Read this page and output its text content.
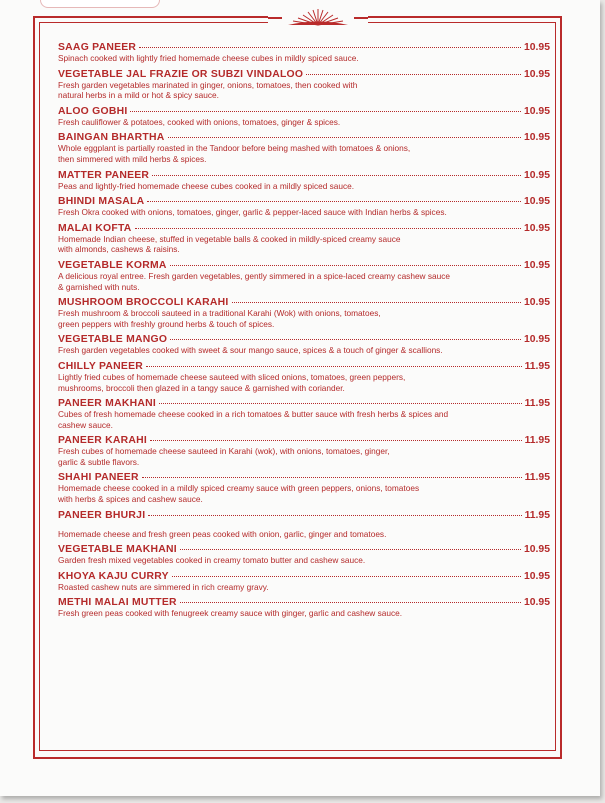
SAAG PANEER	10.95
Spinach cooked with lightly fried homemade cheese cubes in mildly spiced sauce.
VEGETABLE JAL FRAZIE OR SUBZI VINDALOO	10.95
Fresh garden vegetables marinated in ginger, onions, tomatoes, then cooked with
natural herbs in a mild or hot & spicy sauce.
ALOO GOBHI	10.95
Fresh cauliflower & potatoes, cooked with onions, tomatoes, ginger & spices.
BAINGAN BHARTHA	10.95
Whole eggplant is partially roasted in the Tandoor before being mashed with tomatoes & onions,
then simmered with mild herbs & spices.
MATTER PANEER	10.95
Peas and lightly-fried homemade cheese cubes cooked in a mildly spiced sauce.
BHINDI MASALA	10.95
Fresh Okra cooked with onions, tomatoes, ginger, garlic & pepper-laced sauce with Indian herbs & spices.
MALAI KOFTA	10.95
Homemade Indian cheese, stuffed in vegetable balls & cooked in mildly-spiced creamy sauce
with almonds, cashews & raisins.
VEGETABLE KORMA	10.95
A delicious royal entree. Fresh garden vegetables, gently simmered in a spice-laced creamy cashew sauce
& garnished with nuts.
MUSHROOM BROCCOLI KARAHI	10.95
Fresh mushroom & broccoli sauteed in a traditional Karahi (Wok) with onions, tomatoes,
green peppers with freshly ground herbs & touch of spices.
VEGETABLE MANGO	10.95
Fresh garden vegetables cooked with sweet & sour mango sauce, spices & a touch of ginger & scallions.
CHILLY PANEER	11.95
Lightly fried cubes of homemade cheese sauteed with sliced onions, tomatoes, green peppers,
mushrooms, broccoli then glazed in a tangy sauce & garnished with coriander.
PANEER MAKHANI	11.95
Cubes of fresh homemade cheese cooked in a rich tomatoes & butter sauce with fresh herbs & spices and
cashew sauce.
PANEER KARAHI	11.95
Fresh cubes of homemade cheese sauteed in Karahi (wok), with onions, tomatoes, ginger,
garlic & subtle flavors.
SHAHI PANEER	11.95
Homemade cheese cooked in a mildly spiced creamy sauce with green peppers, onions, tomatoes
with herbs & spices and cashew sauce.
PANEER BHURJI	11.95
Homemade cheese and fresh green peas cooked with onion, garlic, ginger and tomatoes.
VEGETABLE MAKHANI	10.95
Garden fresh mixed vegetables cooked in creamy tomato butter and cashew sauce.
KHOYA KAJU CURRY	10.95
Roasted cashew nuts are simmered in rich creamy gravy.
METHI MALAI MUTTER	10.95
Fresh green peas cooked with fenugreek creamy sauce with ginger, garlic and cashew sauce.
